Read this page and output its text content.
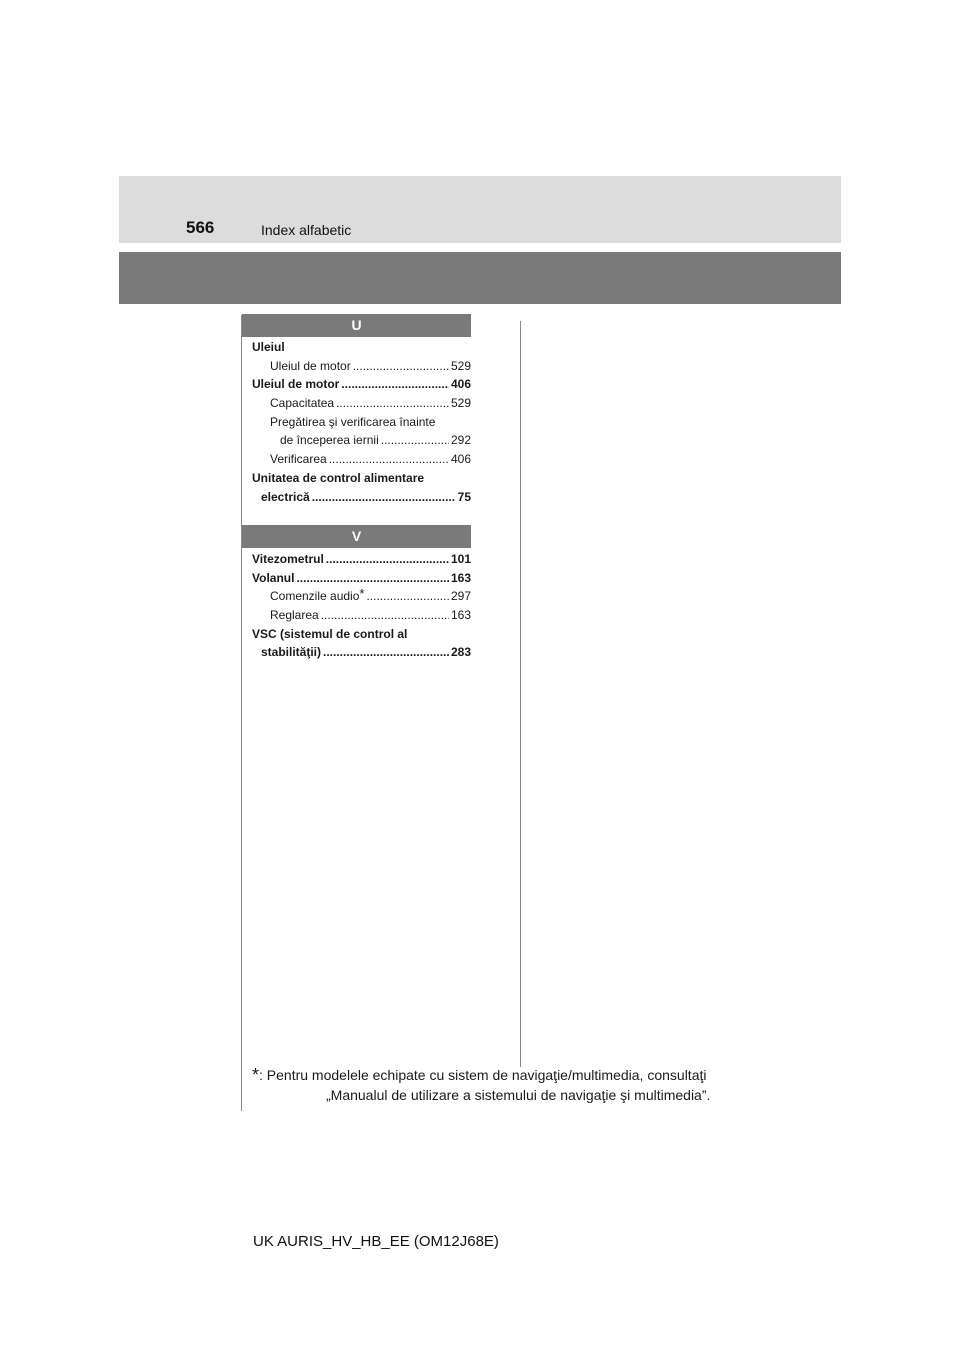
566	Index alfabetic
U
Uleiul
Uleiul de motor .....	529
Uleiul de motor .....	406
Capacitatea .....	529
Pregătirea şi verificarea înainte
de începerea iernii .....	292
Verificarea .....	406
Unitatea de control alimentare
electrică .....	75
V
Vitezometrul .....	101
Volanul .....	163
Comenzile audio * .....	297
Reglarea .....	163
VSC (sistemul de control al
stabilităţii) .....	283
*: Pentru modelele echipate cu sistem de navigaţie/multimedia, consultaţi
„Manualul de utilizare a sistemului de navigaţie şi multimedia”.
UK AURIS_HV_HB_EE (OM12J68E)
